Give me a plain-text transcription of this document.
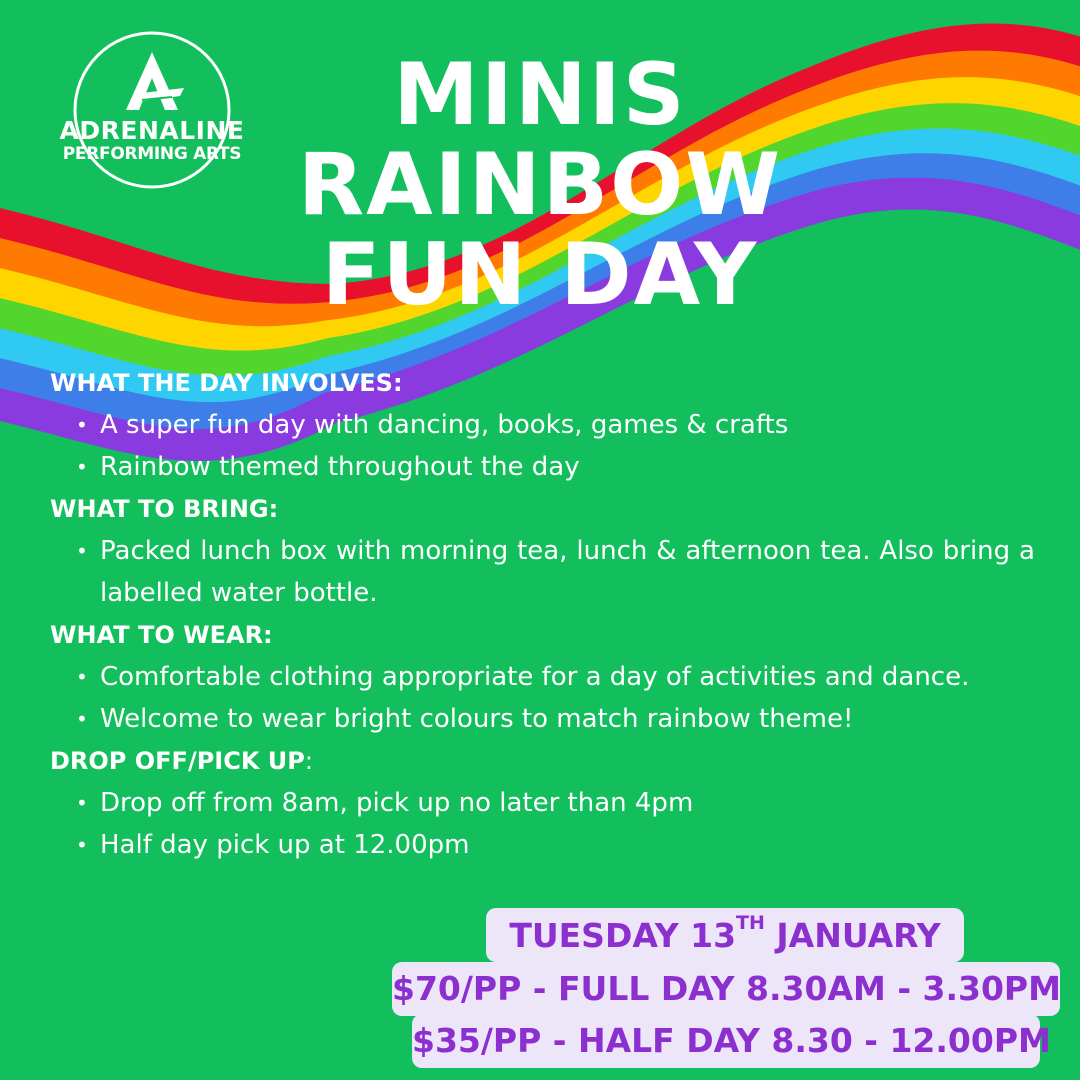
ADRENALINE
PERFORMING ARTS
MINIS
RAINBOW
FUN DAY
WHAT THE DAY INVOLVES:
• A super fun day with dancing, books, games & crafts
• Rainbow themed throughout the day
WHAT TO BRING:
• Packed lunch box with morning tea, lunch & afternoon tea. Also bring a labelled water bottle.
WHAT TO WEAR:
• Comfortable clothing appropriate for a day of activities and dance.
• Welcome to wear bright colours to match rainbow theme!
DROP OFF/PICK UP:
• Drop off from 8am, pick up no later than 4pm
• Half day pick up at 12.00pm
TUESDAY 13TH JANUARY
$70/PP - FULL DAY 8.30AM - 3.30PM
$35/PP - HALF DAY 8.30 - 12.00PM
